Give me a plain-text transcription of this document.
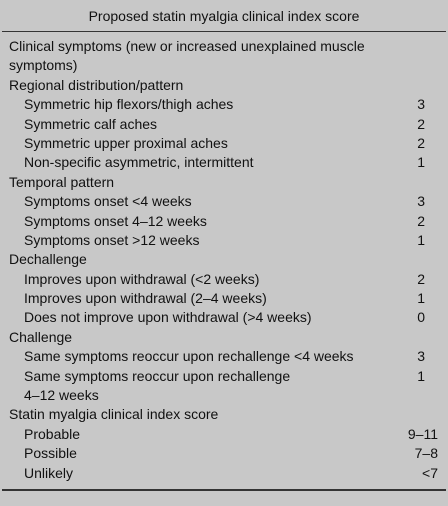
Proposed statin myalgia clinical index score
Clinical symptoms (new or increased unexplained muscle
symptoms)
Regional distribution/pattern
Symmetric hip flexors/thigh aches	3
Symmetric calf aches	2
Symmetric upper proximal aches	2
Non-specific asymmetric, intermittent	1
Temporal pattern
Symptoms onset <4 weeks	3
Symptoms onset 4–12 weeks	2
Symptoms onset >12 weeks	1
Dechallenge
Improves upon withdrawal (<2 weeks)	2
Improves upon withdrawal (2–4 weeks)	1
Does not improve upon withdrawal (>4 weeks)	0
Challenge
Same symptoms reoccur upon rechallenge <4 weeks	3
Same symptoms reoccur upon rechallenge	1
4–12 weeks
Statin myalgia clinical index score
Probable	9–11
Possible	7–8
Unlikely	<7
